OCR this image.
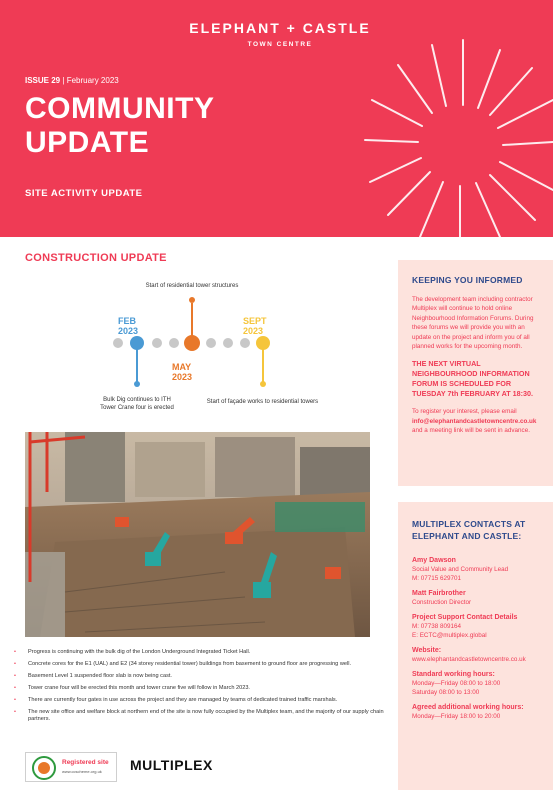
ELEPHANT + CASTLE
TOWN CENTRE
ISSUE 29 | February 2023
COMMUNITY
UPDATE
SITE ACTIVITY UPDATE
CONSTRUCTION UPDATE
Start of residential tower structures
FEB 2023
MAY 2023
SEPT 2023
Bulk Dig continues to ITH
Tower Crane four is erected
Start of façade works to residential towers
• Progress is continuing with the bulk dig of the London Underground Integrated Ticket Hall.
• Concrete cores for the E1 (UAL) and E2 (34 storey residential tower) buildings from basement to ground floor are progressing well.
• Basement Level 1 suspended floor slab is now being cast.
• Tower crane four will be erected this month and tower crane five will follow in March 2023.
• There are currently four gates in use across the project and they are managed by teams of dedicated trained traffic marshals.
• The new site office and welfare block at northern end of the site is now fully occupied by the Multiplex team, and the majority of our supply chain partners.
Registered site
www.ccscheme.org.uk MULTIPLEX
KEEPING YOU INFORMED
The development team including contractor Multiplex will continue to hold online Neighbourhood Information Forums. During these forums we will provide you with an update on the project and inform you of all planned works for the upcoming month.
THE NEXT VIRTUAL NEIGHBOURHOOD INFORMATION FORUM IS SCHEDULED FOR TUESDAY 7th FEBRUARY AT 18:30.
To register your interest, please email info@elephantandcastletowncentre.co.uk and a meeting link will be sent in advance.
MULTIPLEX CONTACTS AT
ELEPHANT AND CASTLE:
Amy Dawson
Social Value and Community Lead
M: 07715 629701
Matt Fairbrother
Construction Director
Project Support Contact Details
M: 07738 809164
E: ECTC@multiplex.global
Website:
www.elephantandcastletowncentre.co.uk
Standard working hours:
Monday—Friday 08:00 to 18:00
Saturday 08:00 to 13:00
Agreed additional working hours:
Monday—Friday 18:00 to 20:00
